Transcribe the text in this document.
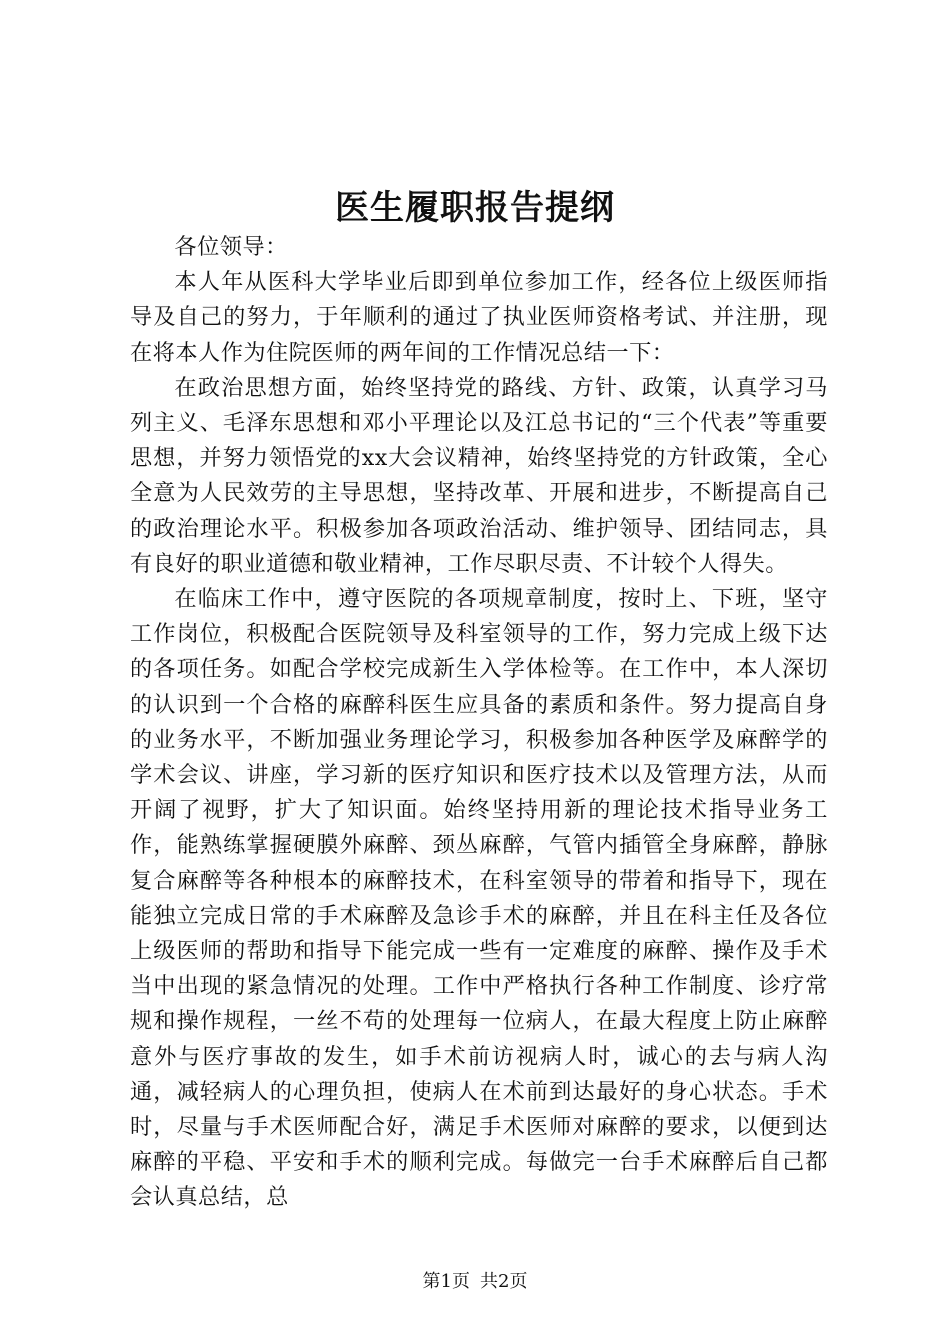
医生履职报告提纲

各位领导：

本人年从医科大学毕业后即到单位参加工作，经各位上级医师指导及自己的努力，于年顺利的通过了执业医师资格考试、并注册，现在将本人作为住院医师的两年间的工作情况总结一下：

在政治思想方面，始终坚持党的路线、方针、政策，认真学习马列主义、毛泽东思想和邓小平理论以及江总书记的“三个代表”等重要思想，并努力领悟党的xx大会议精神，始终坚持党的方针政策，全心全意为人民效劳的主导思想，坚持改革、开展和进步，不断提高自己的政治理论水平。积极参加各项政治活动、维护领导、团结同志，具有良好的职业道德和敬业精神，工作尽职尽责、不计较个人得失。

在临床工作中，遵守医院的各项规章制度，按时上、下班，坚守工作岗位，积极配合医院领导及科室领导的工作，努力完成上级下达的各项任务。如配合学校完成新生入学体检等。在工作中，本人深切的认识到一个合格的麻醉科医生应具备的素质和条件。努力提高自身的业务水平，不断加强业务理论学习，积极参加各种医学及麻醉学的学术会议、讲座，学习新的医疗知识和医疗技术以及管理方法，从而开阔了视野，扩大了知识面。始终坚持用新的理论技术指导业务工作，能熟练掌握硬膜外麻醉、颈丛麻醉，气管内插管全身麻醉，静脉复合麻醉等各种根本的麻醉技术，在科室领导的带着和指导下，现在能独立完成日常的手术麻醉及急诊手术的麻醉，并且在科主任及各位上级医师的帮助和指导下能完成一些有一定难度的麻醉、操作及手术当中出现的紧急情况的处理。工作中严格执行各种工作制度、诊疗常规和操作规程，一丝不苟的处理每一位病人，在最大程度上防止麻醉意外与医疗事故的发生，如手术前访视病人时，诚心的去与病人沟通，减轻病人的心理负担，使病人在术前到达最好的身心状态。手术时，尽量与手术医师配合好，满足手术医师对麻醉的要求，以便到达麻醉的平稳、平安和手术的顺利完成。每做完一台手术麻醉后自己都会认真总结，总

第1页 共2页
